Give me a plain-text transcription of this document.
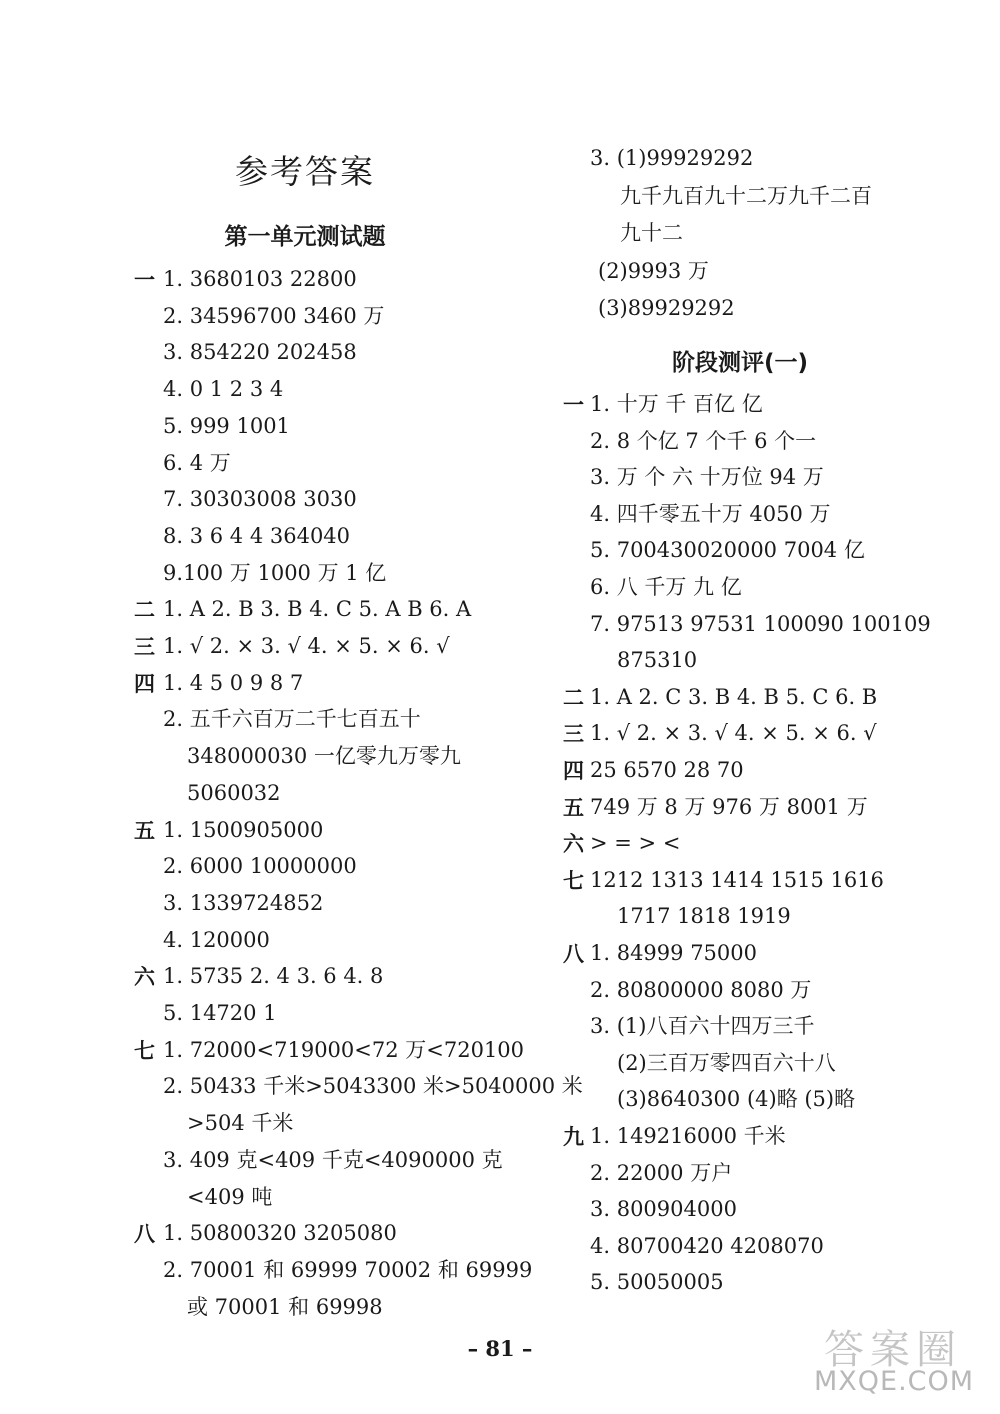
参考答案
第一单元测试题
阶段测评(一)
一 1. 3680103 22800
2. 34596700 3460 万
3. 854220 202458
4. 0 1 2 3 4
5. 999 1001
6. 4 万
7. 30303008 3030
8. 3 6 4 4 364040
9.100 万 1000 万 1 亿
二 1. A 2. B 3. B 4. C 5. A B 6. A
三 1. √ 2. × 3. √ 4. × 5. × 6. √
四 1. 4 5 0 9 8 7
2. 五千六百万二千七百五十
348000030 一亿零九万零九
5060032
五 1. 1500905000
2. 6000 10000000
3. 1339724852
4. 120000
六 1. 5735 2. 4 3. 6 4. 8
5. 14720 1
七 1. 72000<719000<72 万<720100
2. 50433 千米>5043300 米>5040000 米
>504 千米
3. 409 克<409 千克<4090000 克
<409 吨
八 1. 50800320 3205080
2. 70001 和 69999 70002 和 69999
或 70001 和 69998
3. (1)99929292
九千九百九十二万九千二百
九十二
(2)9993 万
(3)89929292
一 1. 十万 千 百亿 亿
2. 8 个亿 7 个千 6 个一
3. 万 个 六 十万位 94 万
4. 四千零五十万 4050 万
5. 700430020000 7004 亿
6. 八 千万 九 亿
7. 97513 97531 100090 100109
875310
二 1. A 2. C 3. B 4. B 5. C 6. B
三 1. √ 2. × 3. √ 4. × 5. × 6. √
四 25 6570 28 70
五 749 万 8 万 976 万 8001 万
六 > = > <
七 1212 1313 1414 1515 1616
1717 1818 1919
八 1. 84999 75000
2. 80800000 8080 万
3. (1)八百六十四万三千
(2)三百万零四百六十八
(3)8640300 (4)略 (5)略
九 1. 149216000 千米
2. 22000 万户
3. 800904000
4. 80700420 4208070
5. 50050005
– 81 –	答案圈
MXQE.COM
